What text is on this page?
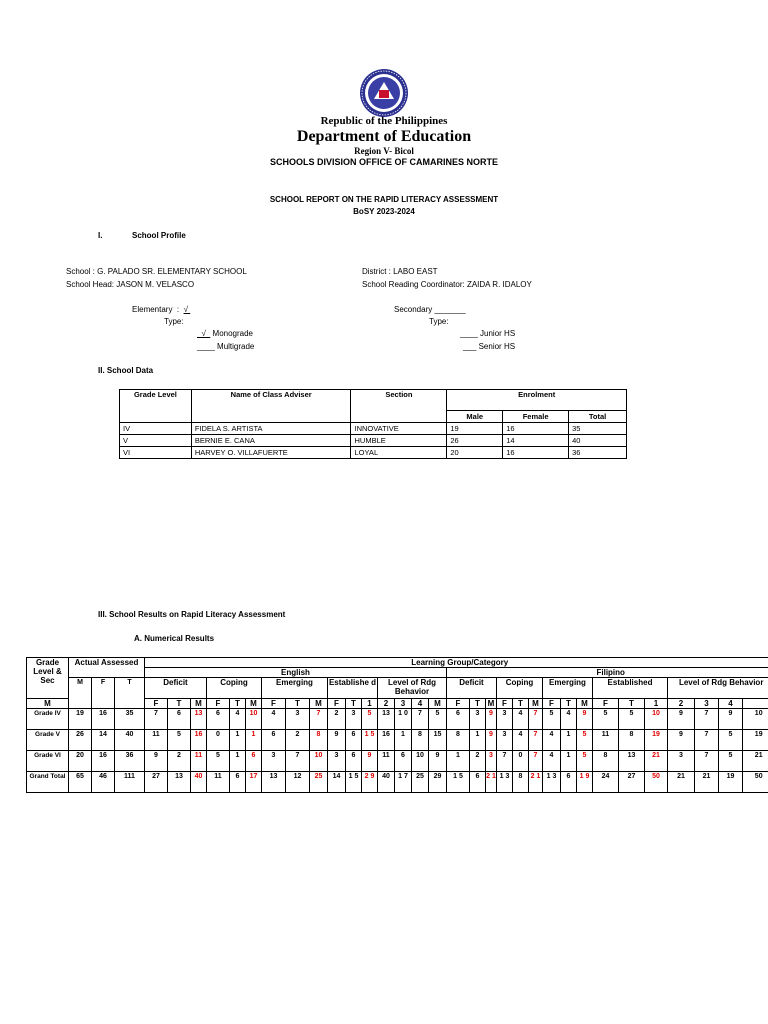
Republic of the Philippines
Department of Education
Region V- Bicol
SCHOOLS DIVISION OFFICE OF CAMARINES NORTE
SCHOOL REPORT ON THE RAPID LITERACY ASSESSMENT
BoSY 2023-2024
I.	School Profile
School : G. PALADO SR. ELEMENTARY SCHOOL
School Head: JASON M. VELASCO
District : LABO EAST
School Reading Coordinator: ZAIDA R. IDALOY
Elementary  :  √
Type:
√ Monograde
____ Multigrade
Secondary _______
Type:
____ Junior HS
___ Senior HS
II. School Data
Grade Level	Name of Class Adviser	Section	Enrolment		
			Male	Female	Total
IV	FIDELA S. ARTISTA	INNOVATIVE	19	16	35
V	BERNIE E. CANA	HUMBLE	26	14	40
VI	HARVEY O. VILLAFUERTE	LOYAL	20	16	36
III. School Results on Rapid Literacy Assessment
A. Numerical Results
Grade Level & Sec	Actual Assessed			Learning Group/Category																															
				English																Filipino															
	M	F	T	Deficit			Coping			Emerging			Establishe d			Level of Rdg Behavior				Deficit			Coping			Emerging			Established			Level of Rdg Behavior			
M				F	T	M	F	T	M	F	T	M	F	T	1	2	3	4	M	F	T	M	F	T	M	F	T	M	F	T	1	2	3	4	
Grade IV	19	16	35	7	6	13	6	4	10	4	3	7	2	3	5	13	1 0	7	5	6	3	9	3	4	7	5	4	9	5	5	10	9	7	9	10
Grade V	26	14	40	11	5	16	0	1	1	6	2	8	9	6	1 5	16	1	8	15	8	1	9	3	4	7	4	1	5	11	8	19	9	7	5	19
Grade VI	20	16	36	9	2	11	5	1	6	3	7	10	3	6	9	11	6	10	9	1	2	3	7	0	7	4	1	5	8	13	21	3	7	5	21
Grand Total	65	46	111	27	13	40	11	6	17	13	12	25	14	1 5	2 9	40	1 7	25	29	1 5	6	2 1	1 3	8	2 1	1 3	6	1 9	24	27	50	21	21	19	50
